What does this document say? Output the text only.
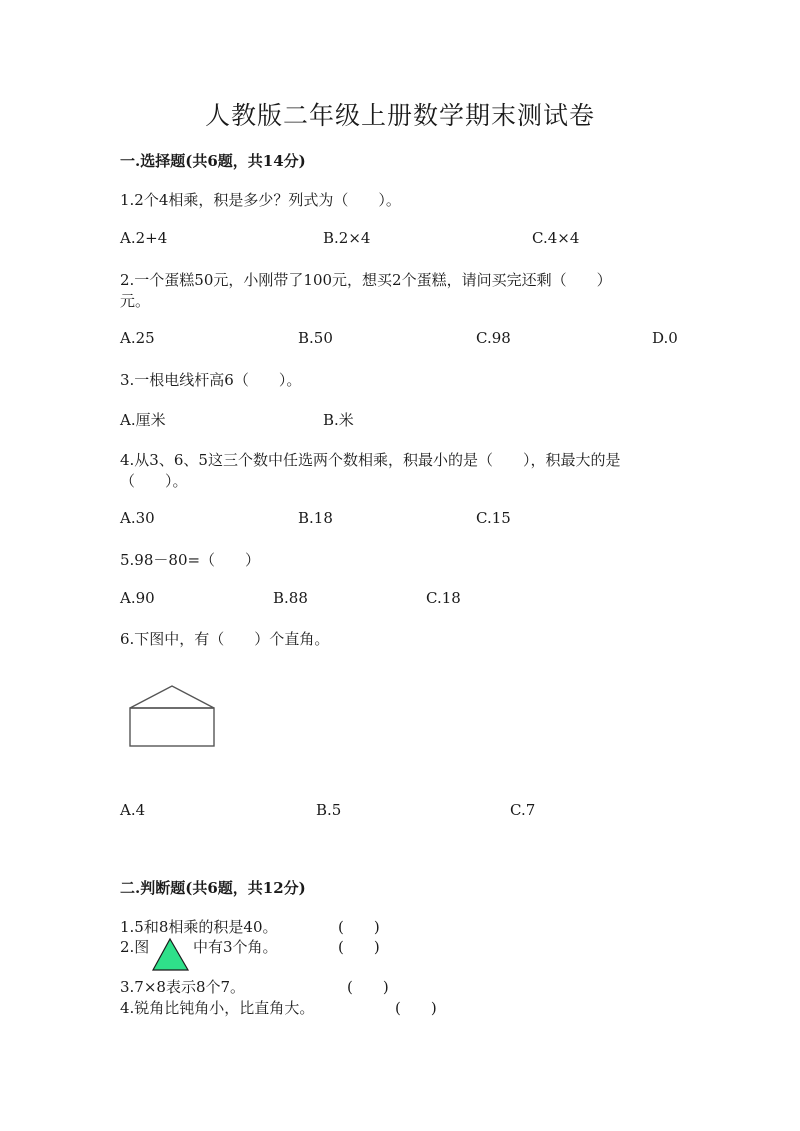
人教版二年级上册数学期末测试卷
一.选择题(共6题，共14分)
1.2个4相乘，积是多少？列式为（　　）。
A.2+4	B.2×4	C.4×4
2.一个蛋糕50元，小刚带了100元，想买2个蛋糕，请问买完还剩（　　）
元。
A.25	B.50	C.98	D.0
3.一根电线杆高6（　　）。
A.厘米	B.米
4.从3、6、5这三个数中任选两个数相乘，积最小的是（　　），积最大的是
（　　）。
A.30	B.18	C.15
5.98－80=（　　）
A.90	B.88	C.18
6.下图中，有（　　）个直角。
A.4	B.5	C.7
二.判断题(共6题，共12分)
1.5和8相乘的积是40。	(　　)
2.图	中有3个角。	(　　)
3.7×8表示8个7。	(　　)
4.锐角比钝角小，比直角大。	(　　)
